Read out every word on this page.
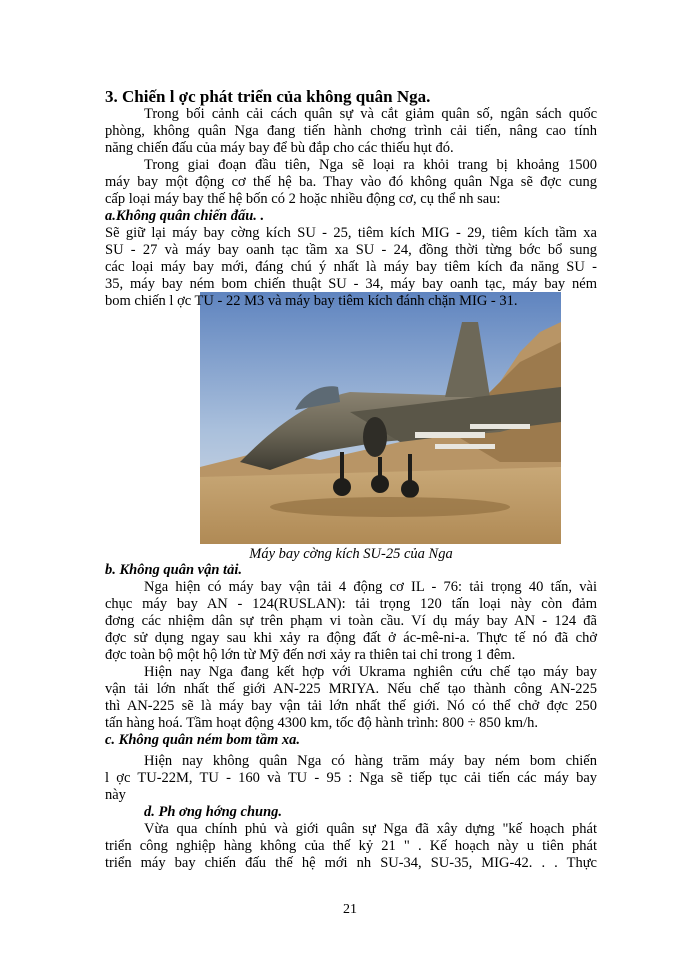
3. Chiến l ợc phát triển của không quân Nga.
Trong bối cảnh cải cách quân sự và cắt giảm quân số, ngân sách quốc
phòng, không quân Nga đang tiến hành chơng trình cải tiến, nâng cao tính
năng chiến đấu của máy bay để bù đắp cho các thiếu hụt đó.
Trong giai đoạn đầu tiên, Nga sẽ loại ra khỏi trang bị khoảng 1500
máy bay một động cơ thế hệ ba. Thay vào đó không quân Nga sẽ đợc cung
cấp loại máy bay thế hệ bốn có 2 hoặc nhiều động cơ, cụ thể nh sau:
a.Không quân chiến đấu. .
Sẽ giữ lại máy bay cờng kích SU - 25, tiêm kích MIG - 29, tiêm kích tầm xa
SU - 27 và máy bay oanh tạc tầm xa SU - 24, đồng thời từng bớc bổ sung
các loại máy bay mới, đáng chú ý nhất là máy bay tiêm kích đa năng SU -
35, máy bay ném bom chiến thuật SU - 34, máy bay oanh tạc, máy bay ném
bom chiến l ợc TU - 22 M3 và máy bay tiêm kích đánh chặn MIG - 31.
Máy bay cờng kích SU-25 của Nga
b. Không quân vận tải.
Nga hiện có máy bay vận tải 4 động cơ IL - 76: tải trọng 40 tấn, vài
chục máy bay AN - 124(RUSLAN): tải trọng 120 tấn loại này còn đảm
đơng các nhiệm dân sự trên phạm vi toàn cầu. Ví dụ máy bay AN - 124 đã
đợc sử dụng ngay sau khi xảy ra động đất ở ác-mê-ni-a. Thực tế nó đã chở
đợc toàn bộ một hộ lớn từ Mỹ đến nơi xảy ra thiên tai chỉ trong 1 đêm.
Hiện nay Nga đang kết hợp với Ukrama nghiên cứu chế tạo máy bay
vận tải lớn nhất thế giới AN-225 MRIYA. Nếu chế tạo thành công AN-225
thì AN-225 sẽ là máy bay vận tải lớn nhất thế giới. Nó có thể chở đợc 250
tấn hàng hoá. Tầm hoạt động 4300 km, tốc độ hành trình: 800 ÷ 850 km/h.
c. Không quân ném bom tầm xa.
Hiện nay không quân Nga có hàng trăm máy bay ném bom chiến
l ợc TU-22M, TU - 160 và TU - 95 : Nga sẽ tiếp tục cải tiến các máy bay
này
d. Ph ơng hớng chung.
Vừa qua chính phủ và giới quân sự Nga đã xây dựng "kế hoạch phát
triển công nghiệp hàng không của thế kỷ 21 " . Kế hoạch này u tiên phát
triển máy bay chiến đấu thế hệ mới nh SU-34, SU-35, MIG-42. . . Thực
21
